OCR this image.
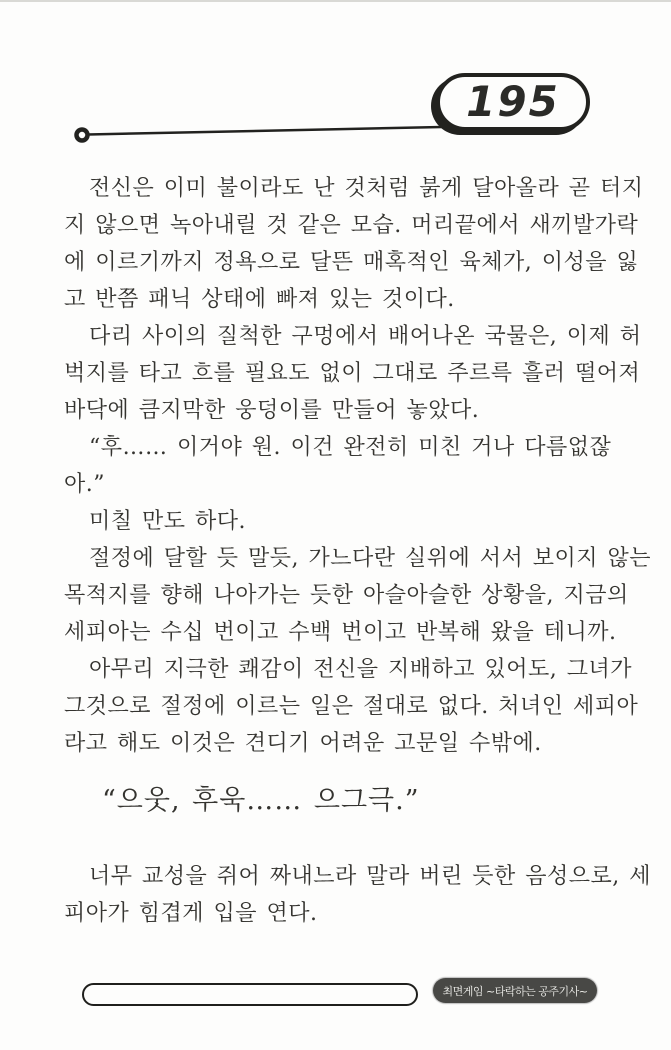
195
전신은 이미 불이라도 난 것처럼 붉게 달아올라 곧 터지
지 않으면 녹아내릴 것 같은 모습. 머리끝에서 새끼발가락
에 이르기까지 정욕으로 달뜬 매혹적인 육체가, 이성을 잃
고 반쯤 패닉 상태에 빠져 있는 것이다.
다리 사이의 질척한 구멍에서 배어나온 국물은, 이제 허
벅지를 타고 흐를 필요도 없이 그대로 주르륵 흘러 떨어져
바닥에 큼지막한 웅덩이를 만들어 놓았다.
“후…… 이거야 원. 이건 완전히 미친 거나 다름없잖
아.”
미칠 만도 하다.
절정에 달할 듯 말듯, 가느다란 실위에 서서 보이지 않는
목적지를 향해 나아가는 듯한 아슬아슬한 상황을, 지금의
세피아는 수십 번이고 수백 번이고 반복해 왔을 테니까.
아무리 지극한 쾌감이 전신을 지배하고 있어도, 그녀가
그것으로 절정에 이르는 일은 절대로 없다. 처녀인 세피아
라고 해도 이것은 견디기 어려운 고문일 수밖에.
“으웃, 후욱…… 으그극.”
너무 교성을 쥐어 짜내느라 말라 버린 듯한 음성으로, 세
피아가 힘겹게 입을 연다.
최면게임 ~타락하는 공주기사~
